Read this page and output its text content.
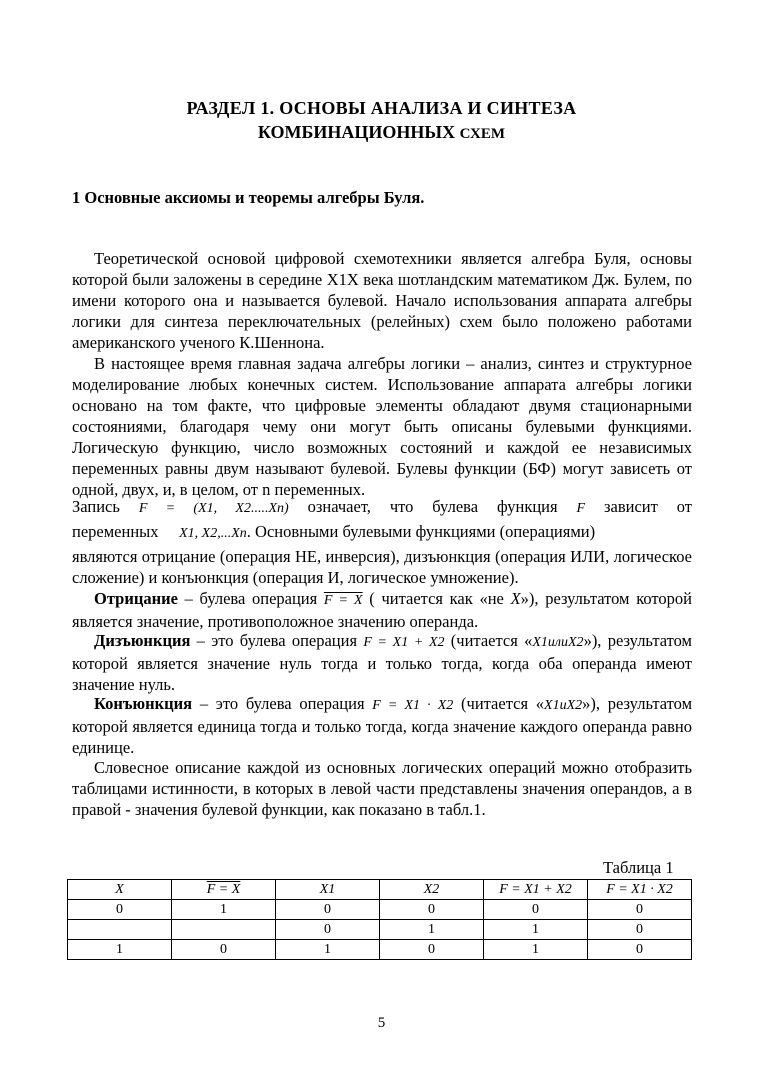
РАЗДЕЛ 1. ОСНОВЫ АНАЛИЗА И СИНТЕЗА
КОМБИНАЦИОННЫХ СХЕМ
1 Основные аксиомы и теоремы алгебры Буля.
Теоретической основой цифровой схемотехники является алгебра Буля, основы которой были заложены в середине X1X века шотландским математиком Дж. Булем, по имени которого она и называется булевой. Начало использования аппарата алгебры логики для синтеза переключательных (релейных) схем было положено работами американского ученого К.Шеннона.
В настоящее время главная задача алгебры логики – анализ, синтез и структурное моделирование любых конечных систем. Использование аппарата алгебры логики основано на том факте, что цифровые элементы обладают двумя стационарными состояниями, благодаря чему они могут быть описаны булевыми функциями. Логическую функцию, число возможных состояний и каждой ее независимых переменных равны двум называют булевой. Булевы функции (БФ) могут зависеть от одной, двух, и, в целом, от n переменных.
Запись F = (X1, X2.....Xn) означает, что булева функция F зависит от
переменных X1, X2,...Xn. Основными булевыми функциями (операциями)
являются отрицание (операция НЕ, инверсия), дизъюнкция (операция ИЛИ, логическое сложение) и конъюнкция (операция И, логическое умножение).
Отрицание – булева операция F = X ( читается как «не X»), результатом которой является значение, противоположное значению операнда.
Дизъюнкция – это булева операция F = X1 + X2 (читается «X1илиX2»), результатом которой является значение нуль тогда и только тогда, когда оба операнда имеют значение нуль.
Конъюнкция – это булева операция F = X1 · X2 (читается «X1иX2»), результатом которой является единица тогда и только тогда, когда значение каждого операнда равно единице.
Словесное описание каждой из основных логических операций можно отобразить таблицами истинности, в которых в левой части представлены значения операндов, а в правой - значения булевой функции, как показано в табл.1.
Таблица 1
X	F = X	X1	X2	F = X1 + X2	F = X1 · X2
0	1	0	0	0	0
		0	1	1	0
1	0	1	0	1	0
5
